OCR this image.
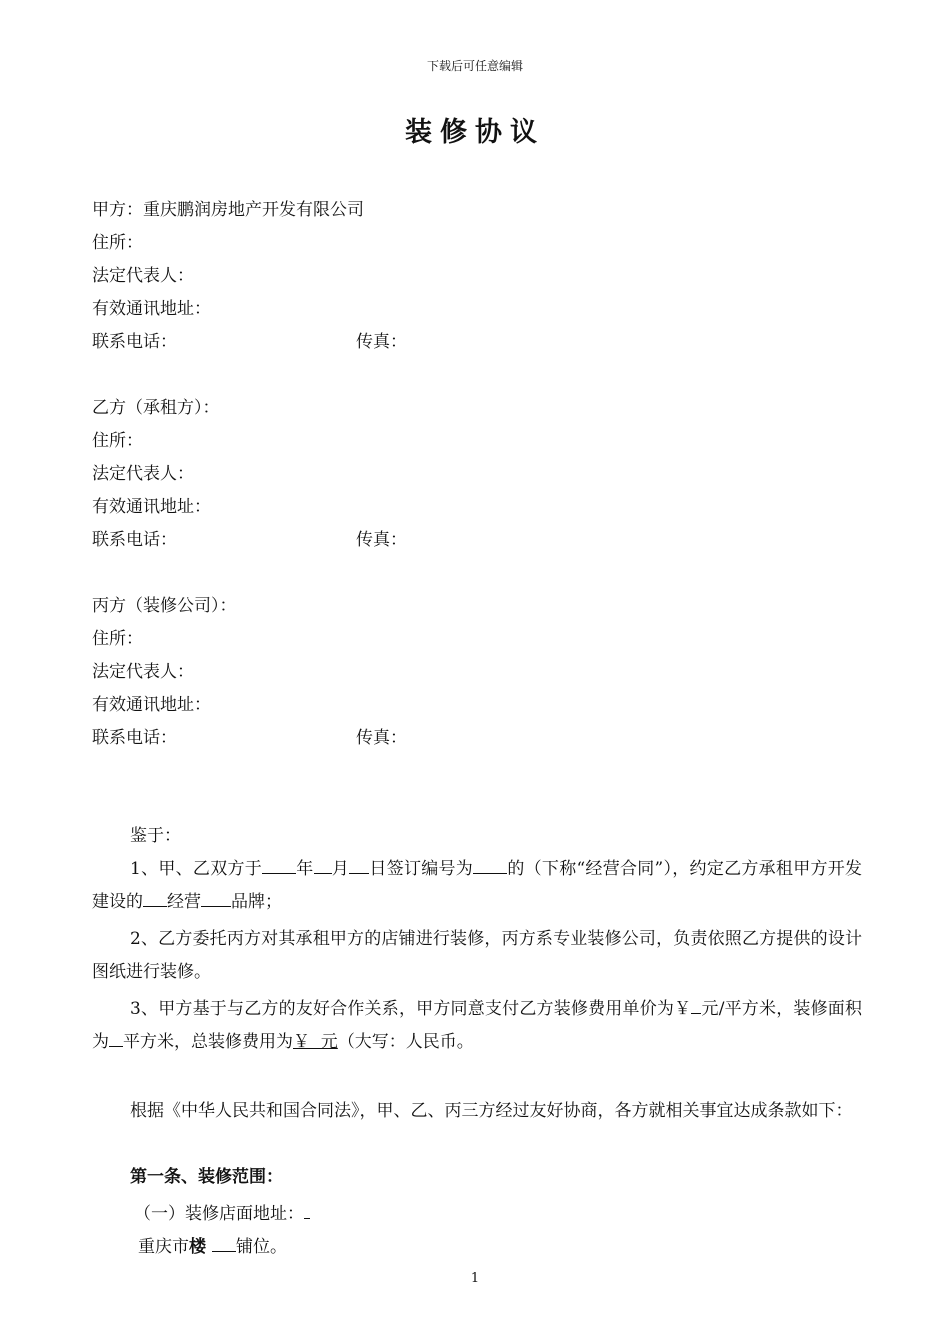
下载后可任意编辑
装修协议
甲方：重庆鹏润房地产开发有限公司
住所：
法定代表人：
有效通讯地址：
联系电话：	传真：
乙方（承租方）：
住所：
法定代表人：
有效通讯地址：
联系电话：	传真：
丙方（装修公司）：
住所：
法定代表人：
有效通讯地址：
联系电话：	传真：
鉴于：
1、甲、乙双方于 年 月 日签订编号为 的（下称“经营合同”），约定乙方承租甲方开发建设的 经营 品牌；
2、乙方委托丙方对其承租甲方的店铺进行装修，丙方系专业装修公司，负责依照乙方提供的设计图纸进行装修。
3、甲方基于与乙方的友好合作关系，甲方同意支付乙方装修费用单价为￥ 元/平方米，装修面积为 平方米，总装修费用为￥  元（大写：人民币。
根据《中华人民共和国合同法》，甲、乙、丙三方经过友好协商，各方就相关事宜达成条款如下：
第一条、装修范围：
（一）装修店面地址：
重庆市楼 铺位。
1
